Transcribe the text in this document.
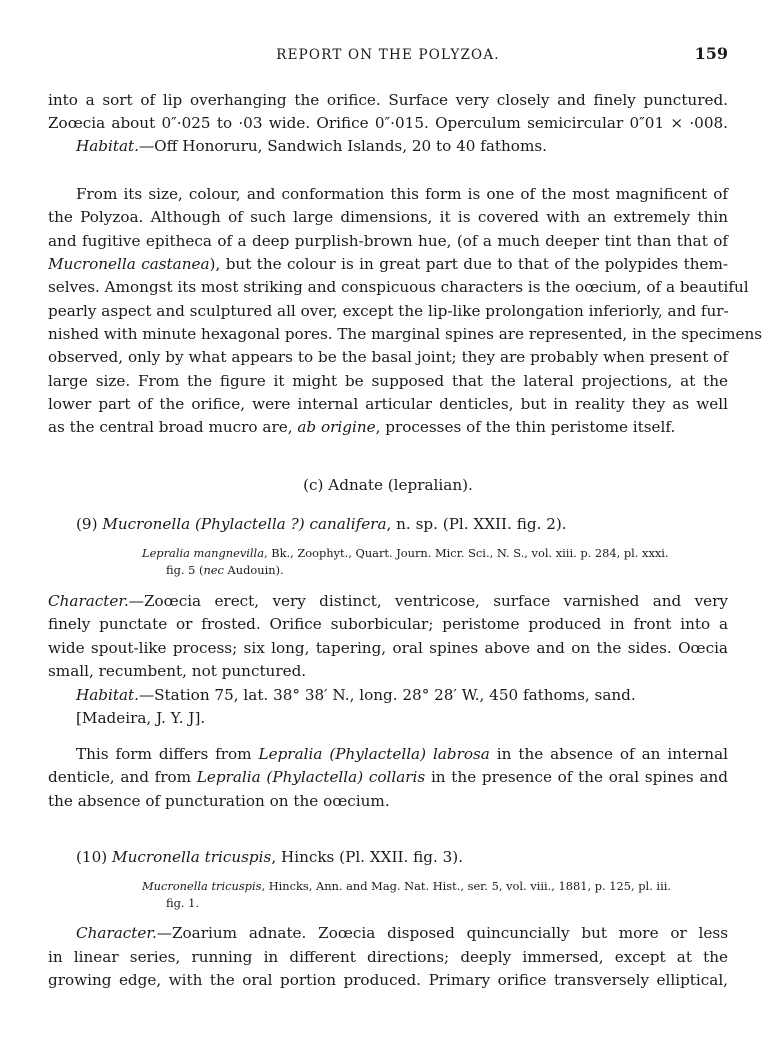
REPORT ON THE POLYZOA.	159
into a sort of lip overhanging the orifice. Surface very closely and finely punctured.
Zoœcia about 0″·025 to ·03 wide. Orifice 0″·015. Operculum semicircular 0″01 × ·008.
Habitat.—Off Honoruru, Sandwich Islands, 20 to 40 fathoms.
From its size, colour, and conformation this form is one of the most magnificent of
the Polyzoa. Although of such large dimensions, it is covered with an extremely thin
and fugitive epitheca of a deep purplish-brown hue, (of a much deeper tint than that of
Mucronella castanea), but the colour is in great part due to that of the polypides them-
selves. Amongst its most striking and conspicuous characters is the oœcium, of a beautiful
pearly aspect and sculptured all over, except the lip-like prolongation inferiorly, and fur-
nished with minute hexagonal pores. The marginal spines are represented, in the specimens
observed, only by what appears to be the basal joint; they are probably when present of
large size. From the figure it might be supposed that the lateral projections, at the
lower part of the orifice, were internal articular denticles, but in reality they as well
as the central broad mucro are, ab origine, processes of the thin peristome itself.
(c) Adnate (lepralian).
(9) Mucronella (Phylactella ?) canalifera, n. sp. (Pl. XXII. fig. 2).
Lepralia mangnevilla, Bk., Zoophyt., Quart. Journ. Micr. Sci., N. S., vol. xiii. p. 284, pl. xxxi.
fig. 5 (nec Audouin).
Character.—Zoœcia erect, very distinct, ventricose, surface varnished and very
finely punctate or frosted. Orifice suborbicular; peristome produced in front into a
wide spout-like process; six long, tapering, oral spines above and on the sides. Oœcia
small, recumbent, not punctured.
Habitat.—Station 75, lat. 38° 38′ N., long. 28° 28′ W., 450 fathoms, sand.
[Madeira, J. Y. J].
This form differs from Lepralia (Phylactella) labrosa in the absence of an internal
denticle, and from Lepralia (Phylactella) collaris in the presence of the oral spines and
the absence of puncturation on the oœcium.
(10) Mucronella tricuspis, Hincks (Pl. XXII. fig. 3).
Mucronella tricuspis, Hincks, Ann. and Mag. Nat. Hist., ser. 5, vol. viii., 1881, p. 125, pl. iii.
fig. 1.
Character.—Zoarium adnate. Zoœcia disposed quincuncially but more or less
in linear series, running in different directions; deeply immersed, except at the
growing edge, with the oral portion produced. Primary orifice transversely elliptical,
